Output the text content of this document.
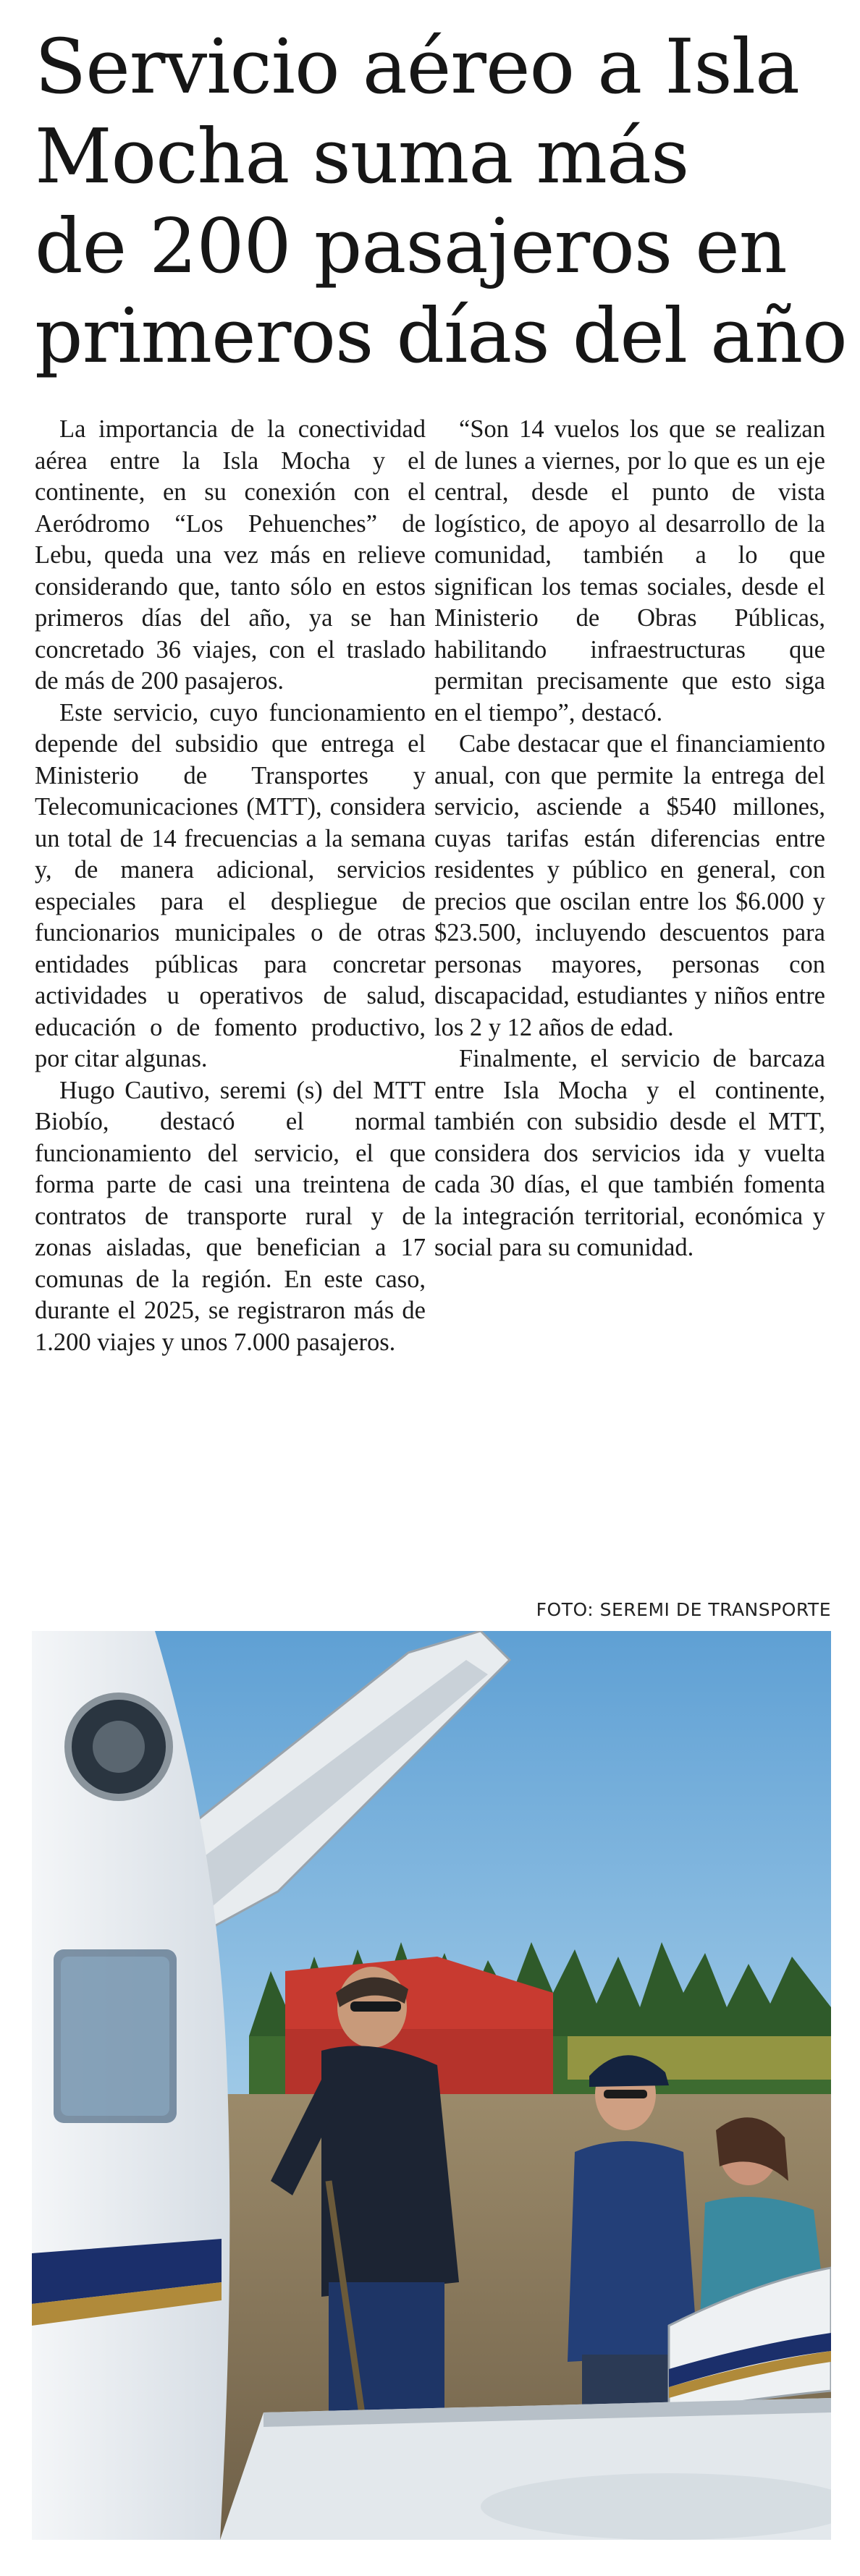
Servicio aéreo a Isla
Mocha suma más
de 200 pasajeros en
primeros días del año

La importancia de la conectividad aérea entre la Isla Mocha y el continente, en su conexión con el Aeródromo “Los Pehuenches” de Lebu, queda una vez más en relieve considerando que, tanto sólo en estos primeros días del año, ya se han concretado 36 viajes, con el traslado de más de 200 pasajeros.

Este servicio, cuyo funcionamiento depende del subsidio que entrega el Ministerio de Transportes y Telecomunicaciones (MTT), considera un total de 14 frecuencias a la semana y, de manera adicional, servicios especiales para el despliegue de funcionarios municipales o de otras entidades públicas para concretar actividades u operativos de salud, educación o de fomento productivo, por citar algunas.

Hugo Cautivo, seremi (s) del MTT Biobío, destacó el normal funcionamiento del servicio, el que forma parte de casi una treintena de contratos de transporte rural y de zonas aisladas, que benefician a 17 comunas de la región. En este caso, durante el 2025, se registraron más de 1.200 viajes y unos 7.000 pasajeros.

“Son 14 vuelos los que se realizan de lunes a viernes, por lo que es un eje central, desde el punto de vista logístico, de apoyo al desarrollo de la comunidad, también a lo que significan los temas sociales, desde el Ministerio de Obras Públicas, habilitando infraestructuras que permitan precisamente que esto siga en el tiempo”, destacó.

Cabe destacar que el financiamiento anual, con que permite la entrega del servicio, asciende a $540 millones, cuyas tarifas están diferencias entre residentes y público en general, con precios que oscilan entre los $6.000 y $23.500, incluyendo descuentos para personas mayores, personas con discapacidad, estudiantes y niños entre los 2 y 12 años de edad.

Finalmente, el servicio de barcaza entre Isla Mocha y el continente, también con subsidio desde el MTT, considera dos servicios ida y vuelta cada 30 días, el que también fomenta la integración territorial, económica y social para su comunidad.

FOTO: SEREMI DE TRANSPORTE
